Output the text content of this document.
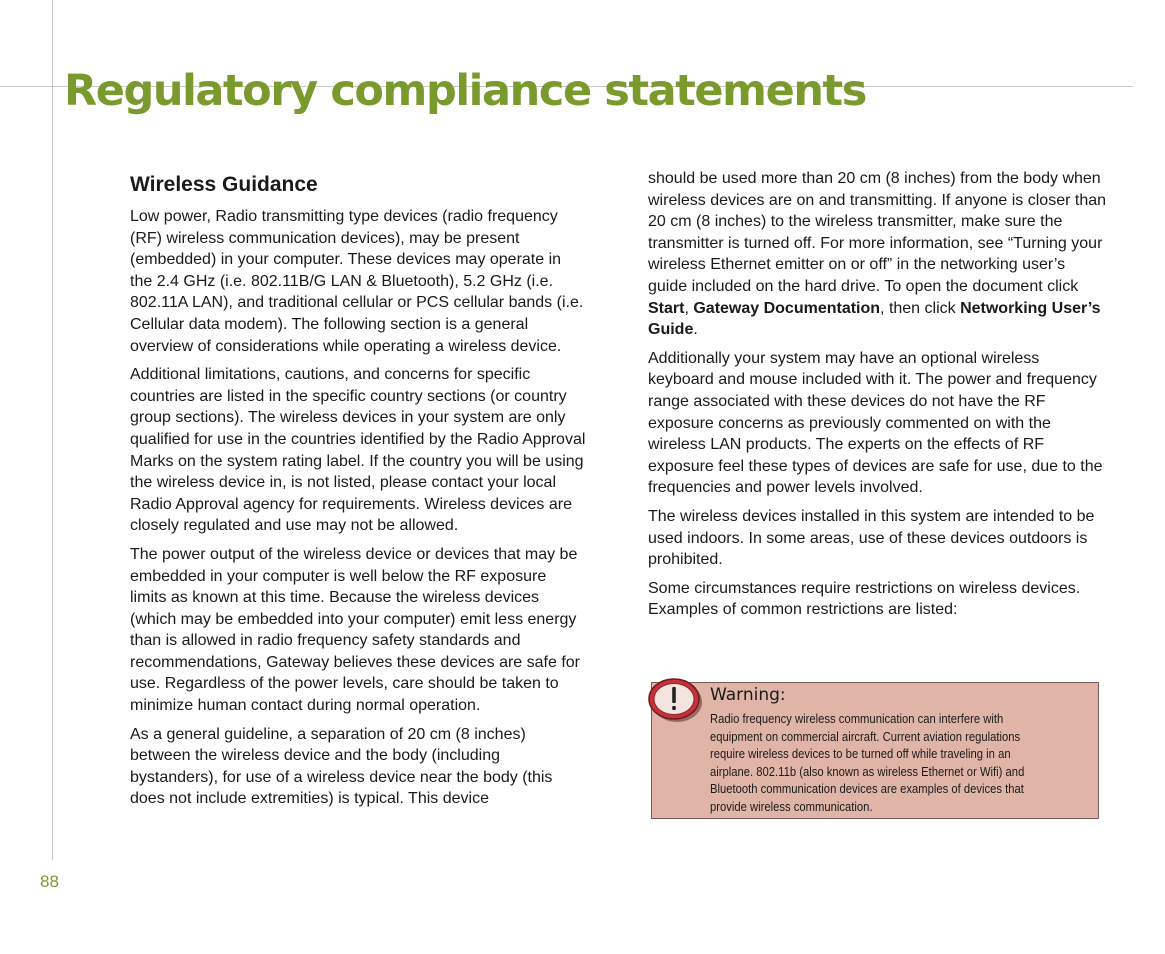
Regulatory compliance statements
Wireless Guidance

Low power, Radio transmitting type devices (radio frequency (RF) wireless communication devices), may be present (embedded) in your computer. These devices may operate in the 2.4 GHz (i.e. 802.11B/G LAN & Bluetooth), 5.2 GHz (i.e. 802.11A LAN), and traditional cellular or PCS cellular bands (i.e. Cellular data modem). The following section is a general overview of considerations while operating a wireless device.

Additional limitations, cautions, and concerns for specific countries are listed in the specific country sections (or country group sections). The wireless devices in your system are only qualified for use in the countries identified by the Radio Approval Marks on the system rating label. If the country you will be using the wireless device in, is not listed, please contact your local Radio Approval agency for requirements. Wireless devices are closely regulated and use may not be allowed.

The power output of the wireless device or devices that may be embedded in your computer is well below the RF exposure limits as known at this time. Because the wireless devices (which may be embedded into your computer) emit less energy than is allowed in radio frequency safety standards and recommendations, Gateway believes these devices are safe for use. Regardless of the power levels, care should be taken to minimize human contact during normal operation.

As a general guideline, a separation of 20 cm (8 inches) between the wireless device and the body (including bystanders), for use of a wireless device near the body (this does not include extremities) is typical. This device

should be used more than 20 cm (8 inches) from the body when wireless devices are on and transmitting. If anyone is closer than 20 cm (8 inches) to the wireless transmitter, make sure the transmitter is turned off. For more information, see “Turning your wireless Ethernet emitter on or off” in the networking user’s guide included on the hard drive. To open the document click Start, Gateway Documentation, then click Networking User’s Guide.

Additionally your system may have an optional wireless keyboard and mouse included with it. The power and frequency range associated with these devices do not have the RF exposure concerns as previously commented on with the wireless LAN products. The experts on the effects of RF exposure feel these types of devices are safe for use, due to the frequencies and power levels involved.

The wireless devices installed in this system are intended to be used indoors. In some areas, use of these devices outdoors is prohibited.

Some circumstances require restrictions on wireless devices. Examples of common restrictions are listed:

Warning:
Radio frequency wireless communication can interfere with equipment on commercial aircraft. Current aviation regulations require wireless devices to be turned off while traveling in an airplane. 802.11b (also known as wireless Ethernet or Wifi) and Bluetooth communication devices are examples of devices that provide wireless communication.
88
